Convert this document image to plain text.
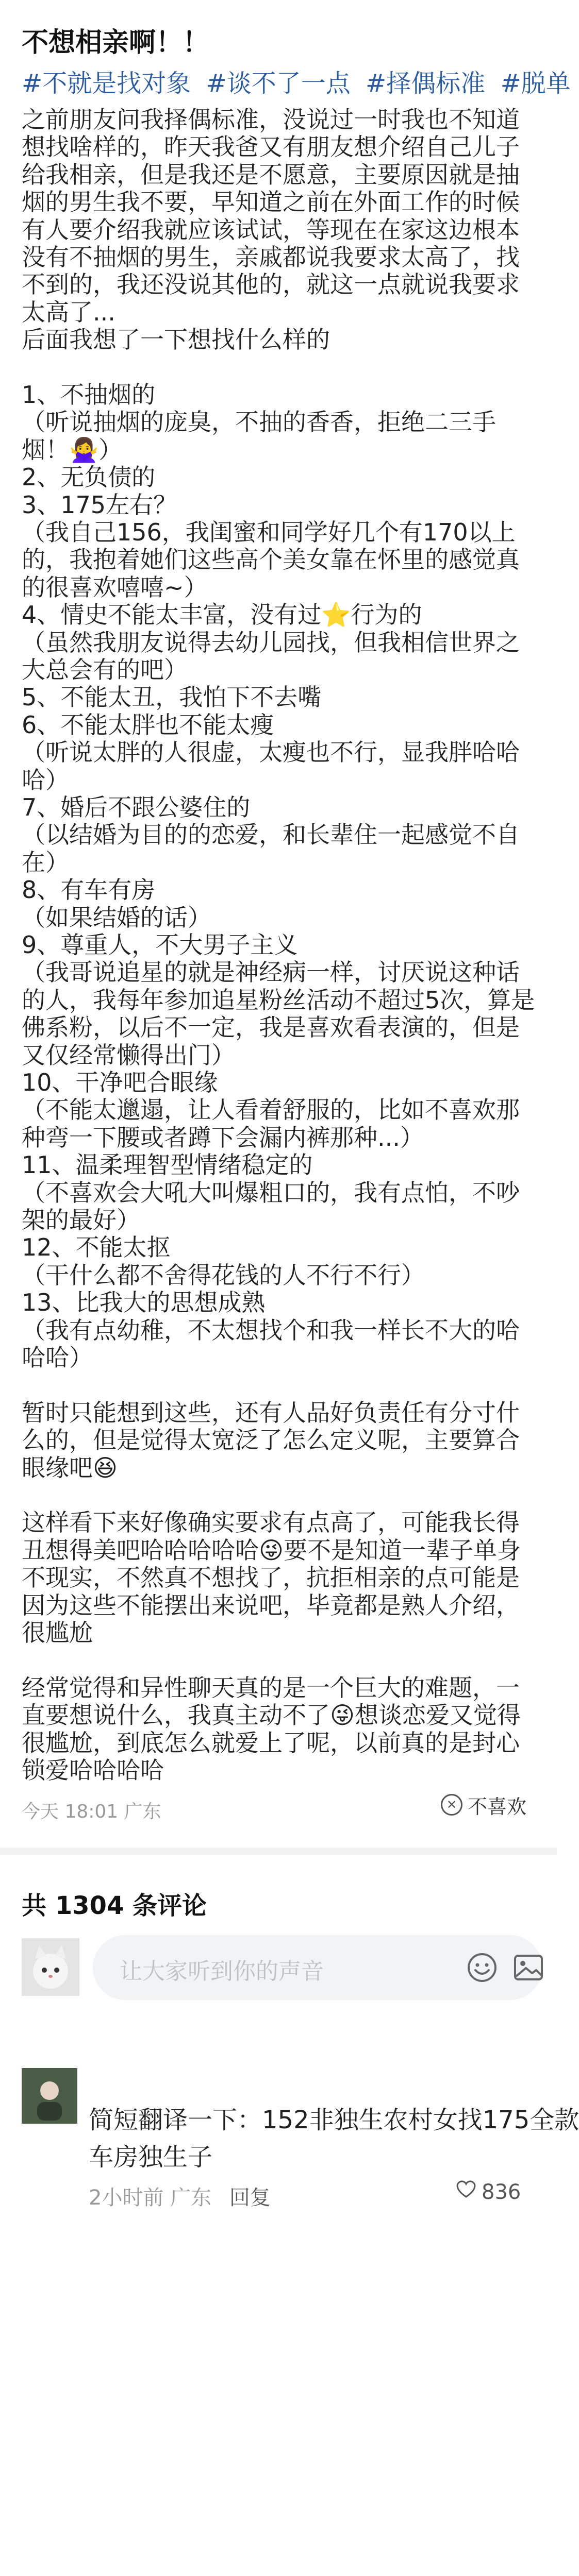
不想相亲啊！！
#不就是找对象 #谈不了一点 #择偶标准 #脱单
之前朋友问我择偶标准，没说过一时我也不知道
想找啥样的，昨天我爸又有朋友想介绍自己儿子
给我相亲，但是我还是不愿意，主要原因就是抽
烟的男生我不要，早知道之前在外面工作的时候
有人要介绍我就应该试试，等现在在家这边根本
没有不抽烟的男生，亲戚都说我要求太高了，找
不到的，我还没说其他的，就这一点就说我要求
太高了...
后面我想了一下想找什么样的
1、不抽烟的
（听说抽烟的庞臭，不抽的香香，拒绝二三手
烟！🙅‍♀️）
2、无负债的
3、175左右？
（我自己156，我闺蜜和同学好几个有170以上
的，我抱着她们这些高个美女靠在怀里的感觉真
的很喜欢嘻嘻~）
4、情史不能太丰富，没有过⭐行为的
（虽然我朋友说得去幼儿园找，但我相信世界之
大总会有的吧）
5、不能太丑，我怕下不去嘴
6、不能太胖也不能太瘦
（听说太胖的人很虚，太瘦也不行，显我胖哈哈
哈）
7、婚后不跟公婆住的
（以结婚为目的的恋爱，和长辈住一起感觉不自
在）
8、有车有房
（如果结婚的话）
9、尊重人，不大男子主义
（我哥说追星的就是神经病一样，讨厌说这种话
的人，我每年参加追星粉丝活动不超过5次，算是
佛系粉，以后不一定，我是喜欢看表演的，但是
又仅经常懒得出门）
10、干净吧合眼缘
（不能太邋遢，让人看着舒服的，比如不喜欢那
种弯一下腰或者蹲下会漏内裤那种...）
11、温柔理智型情绪稳定的
（不喜欢会大吼大叫爆粗口的，我有点怕，不吵
架的最好）
12、不能太抠
（干什么都不舍得花钱的人不行不行）
13、比我大的思想成熟
（我有点幼稚，不太想找个和我一样长不大的哈
哈哈）
暂时只能想到这些，还有人品好负责任有分寸什
么的，但是觉得太宽泛了怎么定义呢，主要算合
眼缘吧😆
这样看下来好像确实要求有点高了，可能我长得
丑想得美吧哈哈哈哈哈😜要不是知道一辈子单身
不现实，不然真不想找了，抗拒相亲的点可能是
因为这些不能摆出来说吧，毕竟都是熟人介绍，
很尴尬
经常觉得和异性聊天真的是一个巨大的难题，一
直要想说什么，我真主动不了😜想谈恋爱又觉得
很尴尬，到底怎么就爱上了呢，以前真的是封心
锁爱哈哈哈哈
今天 18:01 广东	✕ 不喜欢
共 1304 条评论
让大家听到你的声音
简短翻译一下：152非独生农村女找175全款
车房独生子
2小时前 广东 回复	836
